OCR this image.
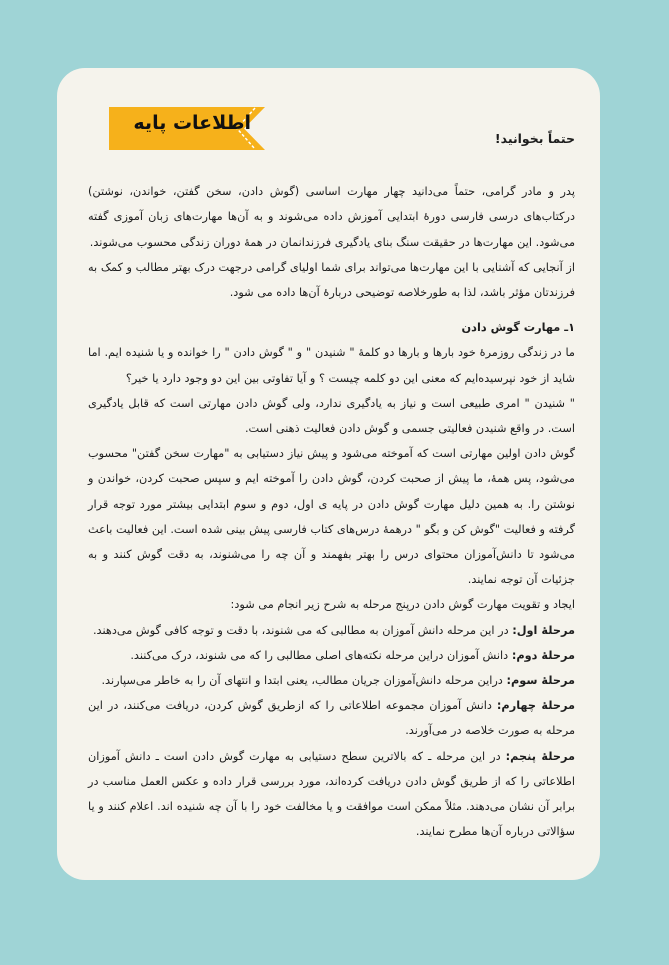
اطلاعات پایه
حتماً بخوانید!

پدر و مادر گرامی، حتماً می‌دانید چهار مهارت اساسی (گوش دادن، سخن گفتن، خواندن، نوشتن) درکتاب‌های درسی فارسی دورهٔ ابتدایی آموزش داده می‌شوند و به آن‌ها مهارت‌های زبان آموزی گفته می‌شود. این مهارت‌ها در حقیقت سنگ بنای یادگیری فرزندانمان در همهٔ دوران زندگی محسوب می‌شوند.

از آنجایی که آشنایی با این مهارت‌ها می‌تواند برای شما اولیای گرامی درجهت درک بهتر مطالب و کمک به فرزندتان مؤثر باشد، لذا به طورخلاصه توضیحی دربارهٔ آن‌ها داده می شود.

۱ـ مهارت گوش دادن

ما در زندگی روزمرهٔ خود بارها و بارها دو کلمهٔ " شنیدن " و " گوش دادن " را خوانده و یا شنیده ایم. اما شاید از خود نپرسیده‌ایم که معنی این دو کلمه چیست ؟ و آیا تفاوتی بین این دو وجود دارد یا خیر؟

" شنیدن " امری طبیعی است و نیاز به یادگیری ندارد، ولی گوش دادن مهارتی است که قابل یادگیری است. در واقع شنیدن فعالیتی جسمی و گوش دادن فعالیت ذهنی است.

گوش دادن اولین مهارتی است که آموخته می‌شود و پیش نیاز دستیابی به "مهارت سخن گفتن" محسوب می‌شود، پس همهٔ، ما پیش از صحبت کردن، گوش دادن را آموخته ایم و سپس صحبت کردن، خواندن و نوشتن را. به همین دلیل مهارت گوش دادن در پایه ی اول، دوم و سوم ابتدایی بیشتر مورد توجه قرار گرفته و فعالیت "گوش کن و بگو " درهمهٔ درس‌های کتاب فارسی پیش بینی شده است. این فعالیت باعث می‌شود تا دانش‌آموزان محتوای درس را بهتر بفهمند و آن چه را می‌شنوند، به دقت گوش کنند و به جزئیات آن توجه نمایند.

ایجاد و تقویت مهارت گوش دادن درپنج مرحله به شرح زیر انجام می شود:

مرحلهٔ اول: در این مرحله دانش آموزان به مطالبی که می شنوند، با دقت و توجه کافی گوش می‌دهند.

مرحلهٔ دوم: دانش آموزان دراین مرحله نکته‌های اصلی مطالبی را که می شنوند، درک می‌کنند.

مرحلهٔ سوم: دراین مرحله دانش‌آموزان جریان مطالب، یعنی ابتدا و انتهای آن را به خاطر می‌سپارند.

مرحلهٔ چهارم: دانش آموزان مجموعه اطلاعاتی را که ازطریق گوش کردن، دریافت می‌کنند، در این مرحله به صورت خلاصه در می‌آورند.

مرحلهٔ پنجم: در این مرحله ـ که بالاترین سطح دستیابی به مهارت گوش دادن است ـ دانش آموزان اطلاعاتی را که از طریق گوش دادن دریافت کرده‌اند، مورد بررسی قرار داده و عکس العمل مناسب در برابر آن نشان می‌دهند. مثلاً ممکن است موافقت و یا مخالفت خود را با آن چه شنیده اند. اعلام کنند و یا سؤالاتی درباره آن‌ها مطرح نمایند.
